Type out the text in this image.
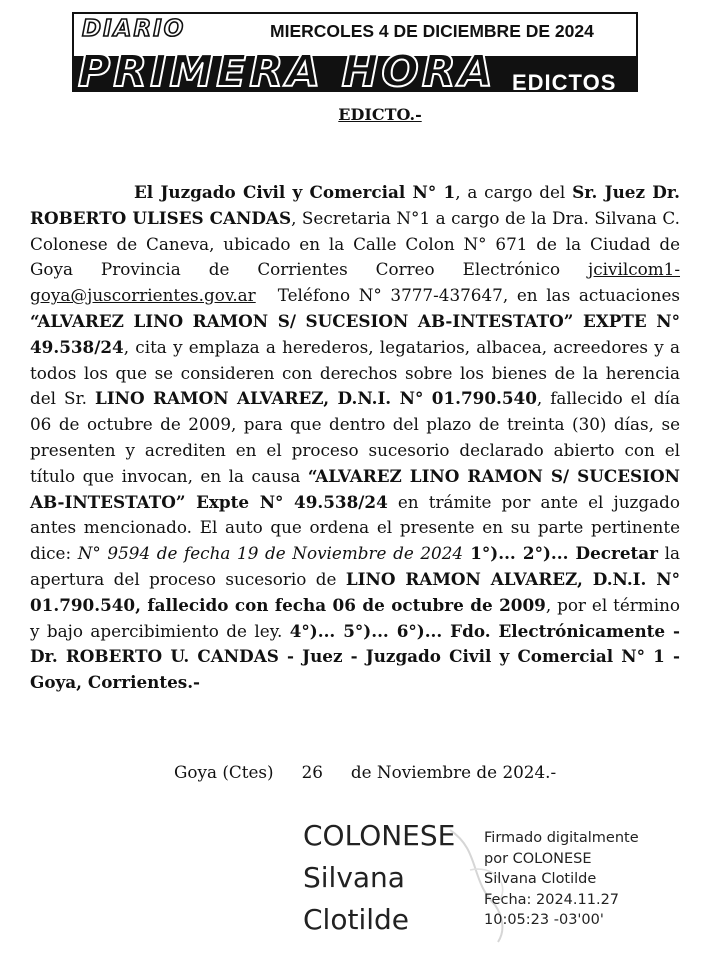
DIARIO	MIERCOLES 4 DE DICIEMBRE DE 2024
PRIMERA HORA EDICTOS
EDICTO.-
El Juzgado Civil y Comercial N° 1, a cargo del Sr. Juez Dr. ROBERTO ULISES CANDAS, Secretaria N°1 a cargo de la Dra. Silvana C. Colonese de Caneva, ubicado en la Calle Colon N° 671 de la Ciudad de Goya Provincia de Corrientes Correo Electrónico jcivilcom1-goya@juscorrientes.gov.ar Teléfono N° 3777-437647, en las actuaciones “ALVAREZ LINO RAMON S/ SUCESION AB-INTESTATO” EXPTE N° 49.538/24, cita y emplaza a herederos, legatarios, albacea, acreedores y a todos los que se consideren con derechos sobre los bienes de la herencia del Sr. LINO RAMON ALVAREZ, D.N.I. N° 01.790.540, fallecido el día 06 de octubre de 2009, para que dentro del plazo de treinta (30) días, se presenten y acrediten en el proceso sucesorio declarado abierto con el título que invocan, en la causa “ALVAREZ LINO RAMON S/ SUCESION AB-INTESTATO” Expte N° 49.538/24 en trámite por ante el juzgado antes mencionado. El auto que ordena el presente en su parte pertinente dice: N° 9594 de fecha 19 de Noviembre de 2024 1°)... 2°)... Decretar la apertura del proceso sucesorio de LINO RAMON ALVAREZ, D.N.I. N° 01.790.540, fallecido con fecha 06 de octubre de 2009, por el término y bajo apercibimiento de ley. 4°)... 5°)... 6°)... Fdo. Electrónicamente - Dr. ROBERTO U. CANDAS - Juez - Juzgado Civil y Comercial N° 1 - Goya, Corrientes.-
Goya (Ctes) 26 de Noviembre de 2024.-
COLONESE
Silvana
Clotilde
Firmado digitalmente
por COLONESE
Silvana Clotilde
Fecha: 2024.11.27
10:05:23 -03'00'
